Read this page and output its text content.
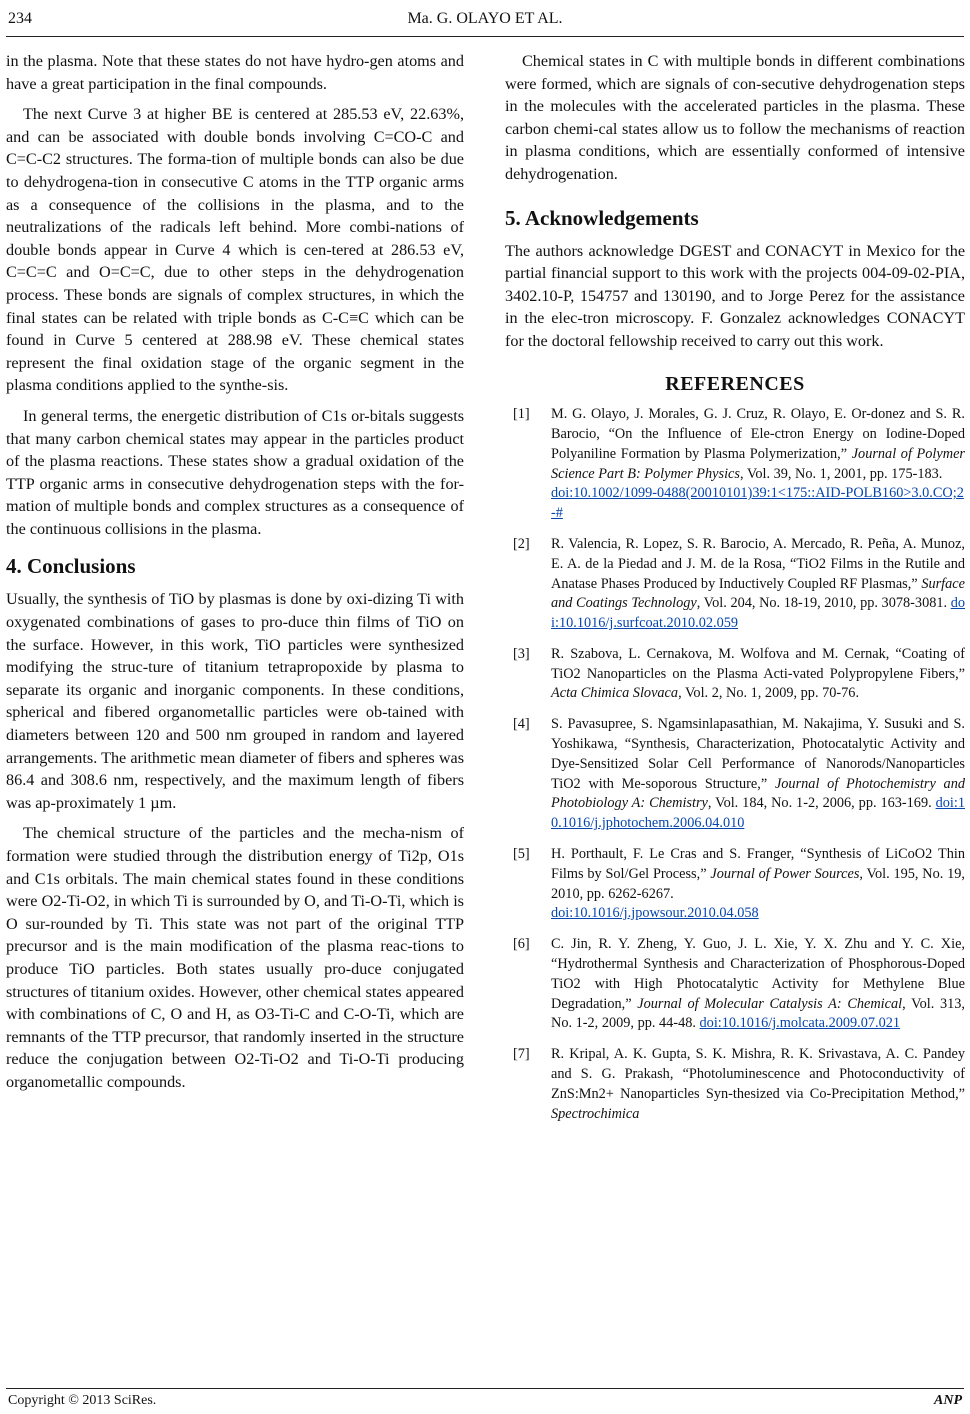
234	Ma. G. OLAYO ET AL.

in the plasma. Note that these states do not have hydro-gen atoms and have a great participation in the final compounds.

The next Curve 3 at higher BE is centered at 285.53 eV, 22.63%, and can be associated with double bonds involving C=CO-C and C=C-C2 structures. The forma-tion of multiple bonds can also be due to dehydrogena-tion in consecutive C atoms in the TTP organic arms as a consequence of the collisions in the plasma, and to the neutralizations of the radicals left behind. More combi-nations of double bonds appear in Curve 4 which is cen-tered at 286.53 eV, C=C=C and O=C=C, due to other steps in the dehydrogenation process. These bonds are signals of complex structures, in which the final states can be related with triple bonds as C-C≡C which can be found in Curve 5 centered at 288.98 eV. These chemical states represent the final oxidation stage of the organic segment in the plasma conditions applied to the synthe-sis.

In general terms, the energetic distribution of C1s or-bitals suggests that many carbon chemical states may appear in the particles product of the plasma reactions. These states show a gradual oxidation of the TTP organic arms in consecutive dehydrogenation steps with the for-mation of multiple bonds and complex structures as a consequence of the continuous collisions in the plasma.

4. Conclusions

Usually, the synthesis of TiO by plasmas is done by oxi-dizing Ti with oxygenated combinations of gases to pro-duce thin films of TiO on the surface. However, in this work, TiO particles were synthesized modifying the struc-ture of titanium tetrapropoxide by plasma to separate its organic and inorganic components. In these conditions, spherical and fibered organometallic particles were ob-tained with diameters between 120 and 500 nm grouped in random and layered arrangements. The arithmetic mean diameter of fibers and spheres was 86.4 and 308.6 nm, respectively, and the maximum length of fibers was ap-proximately 1 µm.

The chemical structure of the particles and the mecha-nism of formation were studied through the distribution energy of Ti2p, O1s and C1s orbitals. The main chemical states found in these conditions were O2-Ti-O2, in which Ti is surrounded by O, and Ti-O-Ti, which is O sur-rounded by Ti. This state was not part of the original TTP precursor and is the main modification of the plasma reac-tions to produce TiO particles. Both states usually pro-duce conjugated structures of titanium oxides. However, other chemical states appeared with combinations of C, O and H, as O3-Ti-C and C-O-Ti, which are remnants of the TTP precursor, that randomly inserted in the structure reduce the conjugation between O2-Ti-O2 and Ti-O-Ti producing organometallic compounds.

Chemical states in C with multiple bonds in different combinations were formed, which are signals of con-secutive dehydrogenation steps in the molecules with the accelerated particles in the plasma. These carbon chemi-cal states allow us to follow the mechanisms of reaction in plasma conditions, which are essentially conformed of intensive dehydrogenation.

5. Acknowledgements

The authors acknowledge DGEST and CONACYT in Mexico for the partial financial support to this work with the projects 004-09-02-PIA, 3402.10-P, 154757 and 130190, and to Jorge Perez for the assistance in the elec-tron microscopy. F. Gonzalez acknowledges CONACYT for the doctoral fellowship received to carry out this work.

REFERENCES
[1]	M. G. Olayo, J. Morales, G. J. Cruz, R. Olayo, E. Or-donez and S. R. Barocio, “On the Influence of Ele-ctron Energy on Iodine-Doped Polyaniline Formation by Plasma Polymerization,” Journal of Polymer Science Part B: Polymer Physics, Vol. 39, No. 1, 2001, pp. 175-183.
doi:10.1002/1099-0488(20010101)39:1<175::AID-POLB160>3.0.CO;2-#
[2]	R. Valencia, R. Lopez, S. R. Barocio, A. Mercado, R. Peña, A. Munoz, E. A. de la Piedad and J. M. de la Rosa, “TiO2 Films in the Rutile and Anatase Phases Produced by Inductively Coupled RF Plasmas,” Surface and Coatings Technology, Vol. 204, No. 18-19, 2010, pp. 3078-3081. doi:10.1016/j.surfcoat.2010.02.059
[3]	R. Szabova, L. Cernakova, M. Wolfova and M. Cernak, “Coating of TiO2 Nanoparticles on the Plasma Acti-vated Polypropylene Fibers,” Acta Chimica Slovaca, Vol. 2, No. 1, 2009, pp. 70-76.
[4]	S. Pavasupree, S. Ngamsinlapasathian, M. Nakajima, Y. Susuki and S. Yoshikawa, “Synthesis, Characterization, Photocatalytic Activity and Dye-Sensitized Solar Cell Performance of Nanorods/Nanoparticles TiO2 with Me-soporous Structure,” Journal of Photochemistry and Photobiology A: Chemistry, Vol. 184, No. 1-2, 2006, pp. 163-169. doi:10.1016/j.jphotochem.2006.04.010
[5]	H. Porthault, F. Le Cras and S. Franger, “Synthesis of LiCoO2 Thin Films by Sol/Gel Process,” Journal of Power Sources, Vol. 195, No. 19, 2010, pp. 6262-6267.
doi:10.1016/j.jpowsour.2010.04.058
[6]	C. Jin, R. Y. Zheng, Y. Guo, J. L. Xie, Y. X. Zhu and Y. C. Xie, “Hydrothermal Synthesis and Characterization of Phosphorous-Doped TiO2 with High Photocatalytic Activity for Methylene Blue Degradation,” Journal of Molecular Catalysis A: Chemical, Vol. 313, No. 1-2, 2009, pp. 44-48. doi:10.1016/j.molcata.2009.07.021
[7]	R. Kripal, A. K. Gupta, S. K. Mishra, R. K. Srivastava, A. C. Pandey and S. G. Prakash, “Photoluminescence and Photoconductivity of ZnS:Mn2+ Nanoparticles Syn-thesized via Co-Precipitation Method,” Spectrochimica
Copyright © 2013 SciRes.	ANP
